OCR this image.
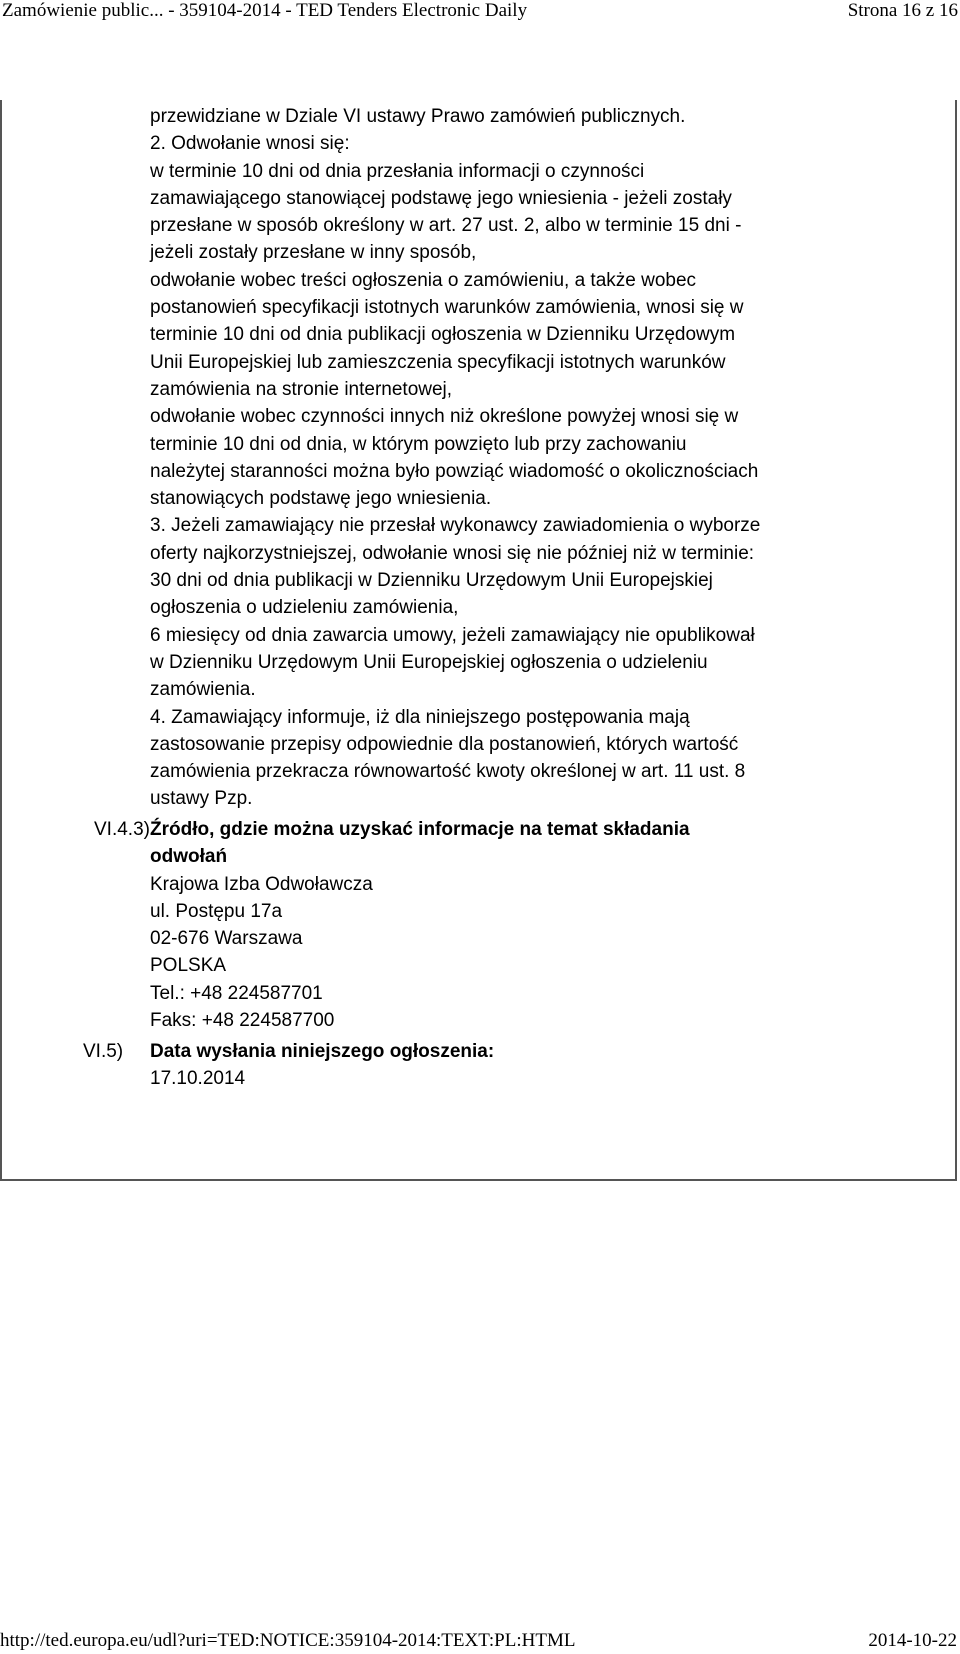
Zamówienie public... - 359104-2014 - TED Tenders Electronic Daily	Strona 16 z 16
przewidziane w Dziale VI ustawy Prawo zamówień publicznych.
2. Odwołanie wnosi się:
w terminie 10 dni od dnia przesłania informacji o czynności
zamawiającego stanowiącej podstawę jego wniesienia - jeżeli zostały
przesłane w sposób określony w art. 27 ust. 2, albo w terminie 15 dni -
jeżeli zostały przesłane w inny sposób,
odwołanie wobec treści ogłoszenia o zamówieniu, a także wobec
postanowień specyfikacji istotnych warunków zamówienia, wnosi się w
terminie 10 dni od dnia publikacji ogłoszenia w Dzienniku Urzędowym
Unii Europejskiej lub zamieszczenia specyfikacji istotnych warunków
zamówienia na stronie internetowej,
odwołanie wobec czynności innych niż określone powyżej wnosi się w
terminie 10 dni od dnia, w którym powzięto lub przy zachowaniu
należytej staranności można było powziąć wiadomość o okolicznościach
stanowiących podstawę jego wniesienia.
3. Jeżeli zamawiający nie przesłał wykonawcy zawiadomienia o wyborze
oferty najkorzystniejszej, odwołanie wnosi się nie później niż w terminie:
30 dni od dnia publikacji w Dzienniku Urzędowym Unii Europejskiej
ogłoszenia o udzieleniu zamówienia,
6 miesięcy od dnia zawarcia umowy, jeżeli zamawiający nie opublikował
w Dzienniku Urzędowym Unii Europejskiej ogłoszenia o udzieleniu
zamówienia.
4. Zamawiający informuje, iż dla niniejszego postępowania mają
zastosowanie przepisy odpowiednie dla postanowień, których wartość
zamówienia przekracza równowartość kwoty określonej w art. 11 ust. 8
ustawy Pzp.
VI.4.3) Źródło, gdzie można uzyskać informacje na temat składania
odwołań
Krajowa Izba Odwoławcza
ul. Postępu 17a
02-676 Warszawa
POLSKA
Tel.: +48 224587701
Faks: +48 224587700
VI.5) Data wysłania niniejszego ogłoszenia:
17.10.2014
http://ted.europa.eu/udl?uri=TED:NOTICE:359104-2014:TEXT:PL:HTML	2014-10-22
